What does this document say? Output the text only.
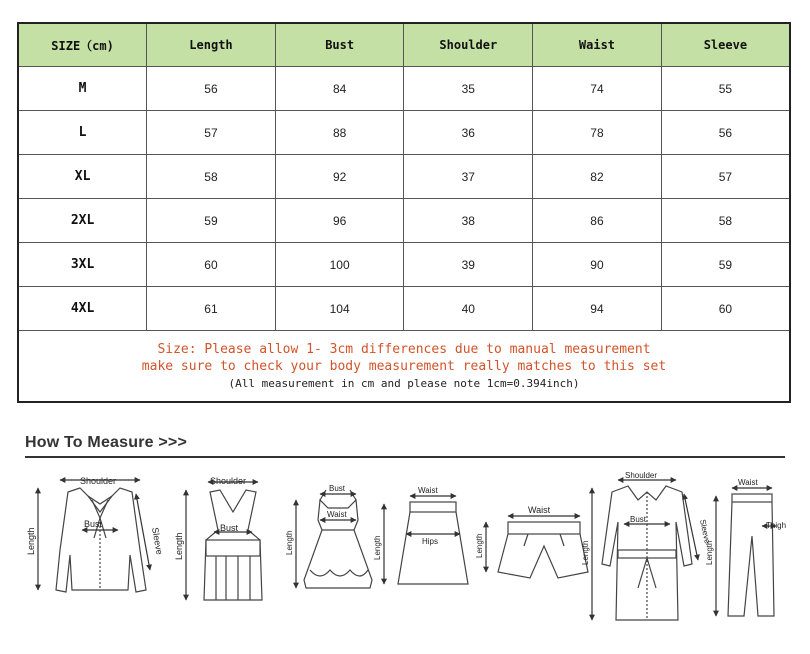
SIZE（cm)	Length	Bust	Shoulder	Waist	Sleeve
M	56	84	35	74	55
L	57	88	36	78	56
XL	58	92	37	82	57
2XL	59	96	38	86	58
3XL	60	100	39	90	59
4XL	61	104	40	94	60

Size: Please allow 1- 3cm differences due to manual measurement
make sure to check your body measurement really matches to this set
(All measurement in cm and please note 1cm=0.394inch)					
How To Measure >>>
Shoulder
Bust
Length	Sleeve
Shoulder
Bust
Length
Bust
Waist
Length
Waist
Hips
Length
Waist
Length
Shoulder
Bust
Length
Sleeve
Waist
Thigh
Length
